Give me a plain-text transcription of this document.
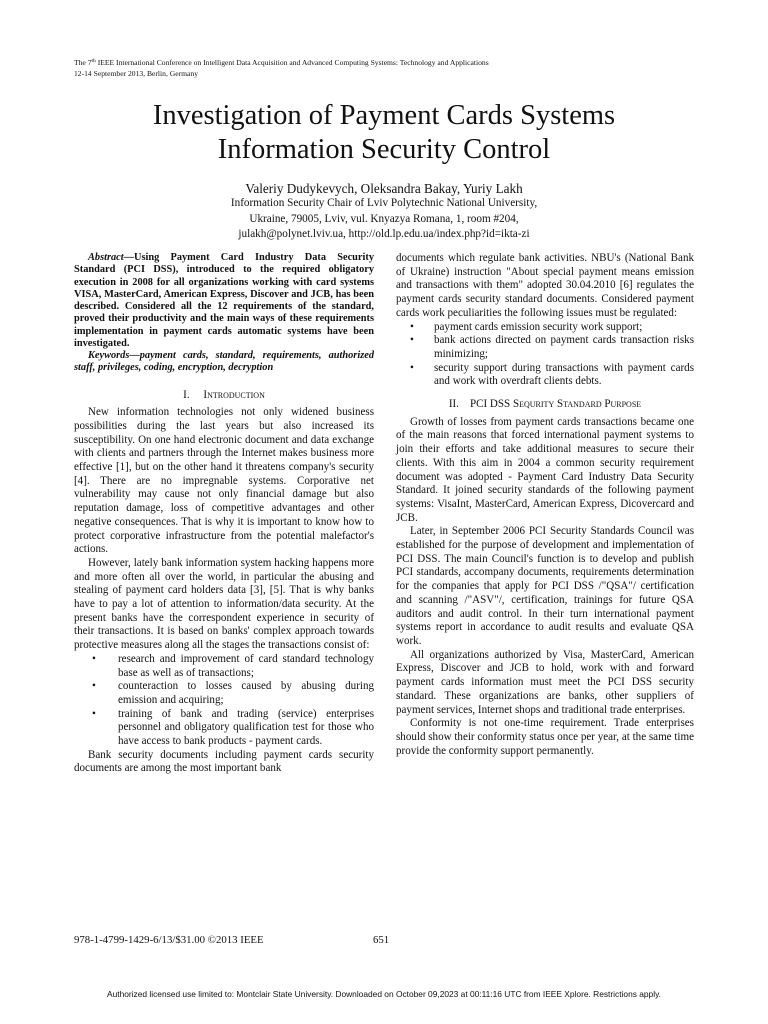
The 7th IEEE International Conference on Intelligent Data Acquisition and Advanced Computing Systems: Technology and Applications
12-14 September 2013, Berlin, Germany
Investigation of Payment Cards Systems
Information Security Control
Valeriy Dudykevych, Oleksandra Bakay, Yuriy Lakh
Information Security Chair of Lviv Polytechnic National University,
Ukraine, 79005, Lviv, vul. Knyazya Romana, 1, room #204,
julakh@polynet.lviv.ua, http://old.lp.edu.ua/index.php?id=ikta-zi

Abstract—Using Payment Card Industry Data Security Standard (PCI DSS), introduced to the required obligatory execution in 2008 for all organizations working with card systems VISA, MasterCard, American Express, Discover and JCB, has been described. Considered all the 12 requirements of the standard, proved their productivity and the main ways of these requirements implementation in payment cards automatic systems have been investigated.

Keywords—payment cards, standard, requirements, authorized staff, privileges, coding, encryption, decryption

I. Introduction

New information technologies not only widened business possibilities during the last years but also increased its susceptibility. On one hand electronic document and data exchange with clients and partners through the Internet makes business more effective [1], but on the other hand it threatens company's security [4]. There are no impregnable systems. Corporative net vulnerability may cause not only financial damage but also reputation damage, loss of competitive advantages and other negative consequences. That is why it is important to know how to protect corporative infrastructure from the potential malefactor's actions.

However, lately bank information system hacking happens more and more often all over the world, in particular the abusing and stealing of payment card holders data [3], [5]. That is why banks have to pay a lot of attention to information/data security. At the present banks have the correspondent experience in security of their transactions. It is based on banks' complex approach towards protective measures along all the stages the transactions consist of:

• research and improvement of card standard technology base as well as of transactions;
• counteraction to losses caused by abusing during emission and acquiring;
• training of bank and trading (service) enterprises personnel and obligatory qualification test for those who have access to bank products - payment cards.

Bank security documents including payment cards security documents are among the most important bank

documents which regulate bank activities. NBU's (National Bank of Ukraine) instruction "About special payment means emission and transactions with them" adopted 30.04.2010 [6] regulates the payment cards security standard documents. Considered payment cards work peculiarities the following issues must be regulated:

• payment cards emission security work support;
• bank actions directed on payment cards transaction risks minimizing;
• security support during transactions with payment cards and work with overdraft clients debts.
II. PCI DSS Sequrity Standard Purpose

Growth of losses from payment cards transactions became one of the main reasons that forced international payment systems to join their efforts and take additional measures to secure their clients. With this aim in 2004 a common security requirement document was adopted - Payment Card Industry Data Security Standard. It joined security standards of the following payment systems: VisaInt, MasterCard, American Express, Dicovercard and JCB.

Later, in September 2006 PCI Security Standards Council was established for the purpose of development and implementation of PCI DSS. The main Council's function is to develop and publish PCI standards, accompany documents, requirements determination for the companies that apply for PCI DSS /"QSA"/ certification and scanning /"ASV"/, certification, trainings for future QSA auditors and audit control. In their turn international payment systems report in accordance to audit results and evaluate QSA work.

All organizations authorized by Visa, MasterCard, American Express, Discover and JCB to hold, work with and forward payment cards information must meet the PCI DSS security standard. These organizations are banks, other suppliers of payment services, Internet shops and traditional trade enterprises.

Conformity is not one-time requirement. Trade enterprises should show their conformity status once per year, at the same time provide the conformity support permanently.

978-1-4799-1429-6/13/$31.00 ©2013 IEEE	651
Authorized licensed use limited to: Montclair State University. Downloaded on October 09,2023 at 00:11:16 UTC from IEEE Xplore. Restrictions apply.
